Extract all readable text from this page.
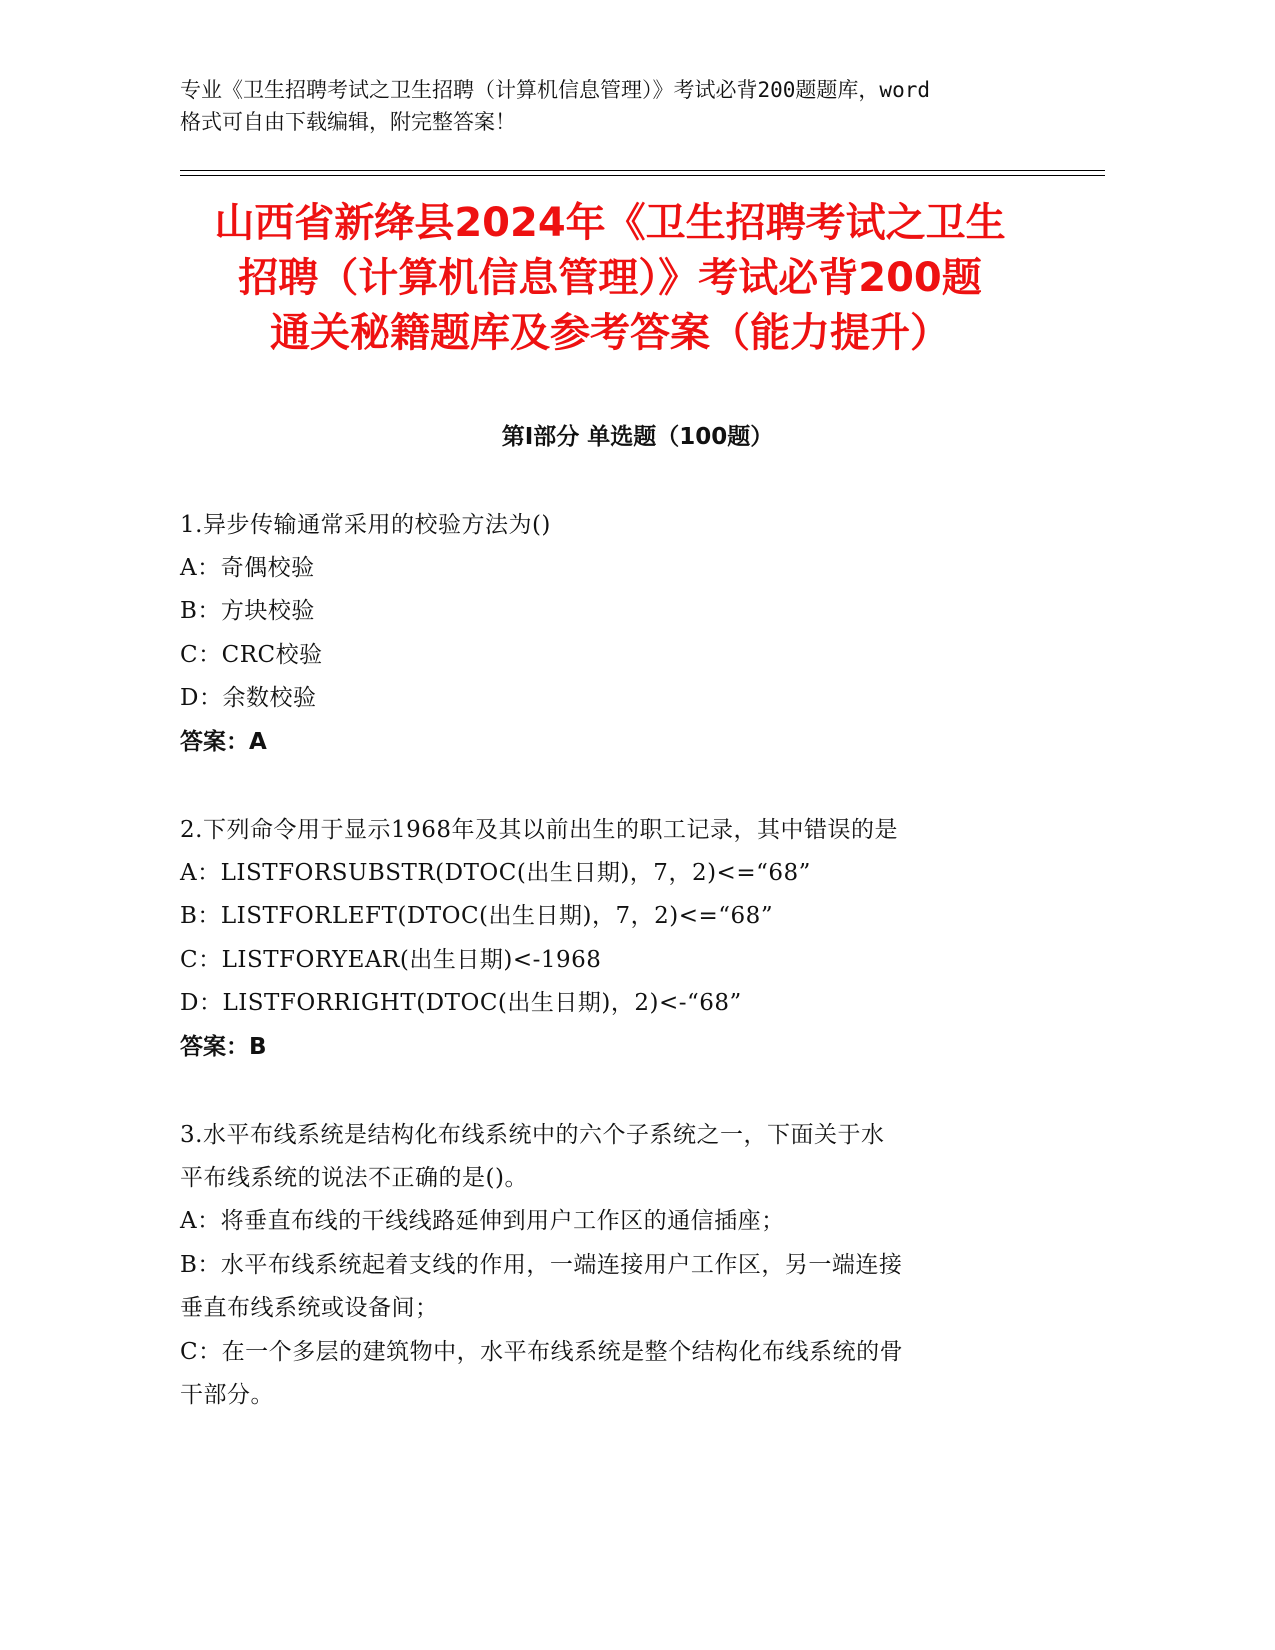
专业《卫生招聘考试之卫生招聘（计算机信息管理）》考试必背200题题库，word
格式可自由下载编辑，附完整答案！
山西省新绛县2024年《卫生招聘考试之卫生
招聘（计算机信息管理）》考试必背200题
通关秘籍题库及参考答案（能力提升）
第Ⅰ部分 单选题（100题）
1.异步传输通常采用的校验方法为()
A：奇偶校验
B：方块校验
C：CRC校验
D：余数校验
答案：A
2.下列命令用于显示1968年及其以前出生的职工记录，其中错误的是
A：LISTFORSUBSTR(DTOC(出生日期)，7，2)<=“68”
B：LISTFORLEFT(DTOC(出生日期)，7，2)<=“68”
C：LISTFORYEAR(出生日期)<-1968
D：LISTFORRIGHT(DTOC(出生日期)，2)<-“68”
答案：B
3.水平布线系统是结构化布线系统中的六个子系统之一，下面关于水
平布线系统的说法不正确的是()。
A：将垂直布线的干线线路延伸到用户工作区的通信插座；
B：水平布线系统起着支线的作用，一端连接用户工作区，另一端连接
垂直布线系统或设备间；
C：在一个多层的建筑物中，水平布线系统是整个结构化布线系统的骨
干部分。
